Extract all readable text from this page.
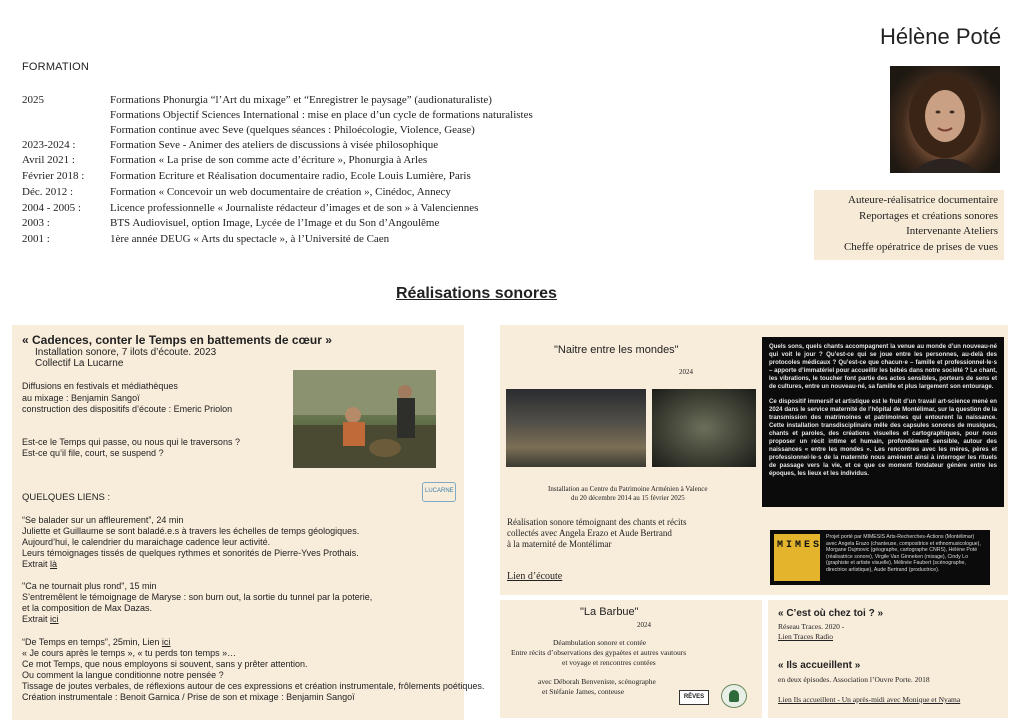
Hélène Poté
FORMATION
2025	Formations Phonurgia “l’Art du mixage” et “Enregistrer le paysage” (audionaturaliste)
Formations Objectif Sciences International : mise en place d’un cycle de formations naturalistes
Formation continue avec Seve (quelques séances : Philoécologie, Violence, Gease)
2023-2024 :	Formation Seve - Animer des ateliers de discussions à visée philosophique
Avril 2021 :	Formation « La prise de son comme acte d’écriture », Phonurgia à Arles
Février 2018 :	Formation Ecriture et Réalisation documentaire radio, Ecole Louis Lumière, Paris
Déc. 2012 :	Formation « Concevoir un web documentaire de création », Cinédoc, Annecy
2004 - 2005 :	Licence professionnelle « Journaliste rédacteur d’images et de son » à Valenciennes
2003 :	BTS Audiovisuel, option Image, Lycée de l’Image et du Son d’Angoulême
2001 :	1ère année DEUG « Arts du spectacle », à l’Université de Caen
Auteure-réalisatrice documentaire
Reportages et créations sonores
Intervenante Ateliers
Cheffe opératrice de prises de vues
Réalisations sonores
« Cadences, conter le Temps en battements de cœur »
Installation sonore, 7 ilots d’écoute. 2023
Collectif La Lucarne
Diffusions en festivals et médiathèques
au mixage : Benjamin Sangoï
construction des dispositifs d’écoute : Emeric Priolon
Est-ce le Temps qui passe, ou nous qui le traversons ?
Est-ce qu’il file, court, se suspend ?
LUCARNE
QUELQUES LIENS :
“Se balader sur un affleurement”, 24 min
Juliette et Guillaume se sont baladé.e.s à travers les échelles de temps géologiques.
Aujourd’hui, le calendrier du maraichage cadence leur activité.
Leurs témoignages tissés de quelques rythmes et sonorités de Pierre-Yves Prothais.
Extrait là
"Ca ne tournait plus rond", 15 min
S’entremêlent le témoignage de Maryse : son burn out, la sortie du tunnel par la poterie,
et la composition de Max Dazas.
Extrait ici
“De Temps en temps”, 25min, Lien ici
« Je cours après le temps », « tu perds ton temps »…
Ce mot Temps, que nous employons si souvent, sans y prêter attention.
Ou comment la langue conditionne notre pensée ?
Tissage de joutes verbales, de réflexions autour de ces expressions et création instrumentale, frôlements poétiques.
Création instrumentale : Benoit Garnica / Prise de son et mixage : Benjamin Sangoï
"Naitre entre les mondes"
2024
Installation au Centre du Patrimoine Arménien à Valence
du 20 décembre 2014 au 15 février 2025
Réalisation sonore témoignant des chants et récits
collectés avec Angela Erazo et Aude Bertrand
à la maternité de Montélimar
Lien d’écoute

Quels sons, quels chants accompagnent la venue au monde d’un nouveau-né qui voit le jour ? Qu’est-ce qui se joue entre les personnes, au-delà des protocoles médicaux ? Qu’est-ce que chacun·e – famille et professionnel·le·s – apporte d’immatériel pour accueillir les bébés dans notre société ? Le chant, les vibrations, le toucher font partie des actes sensibles, porteurs de sens et de cultures, entre un nouveau-né, sa famille et plus largement son entourage.

Ce dispositif immersif et artistique est le fruit d’un travail art-science mené en 2024 dans le service maternité de l’hôpital de Montélimar, sur la question de la transmission des matrimoines et patrimoines qui entourent la naissance. Cette installation transdisciplinaire mêle des capsules sonores de musiques, chants et paroles, des créations visuelles et cartographiques, pour nous proposer un récit intime et humain, profondément sensible, autour des naissances « entre les mondes ». Les rencontres avec les mères, pères et professionnel·le·s de la maternité nous amènent ainsi à interroger les rituels de passage vers la vie, et ce que ce moment fondateur génère entre les époques, les lieux et les individus.

MIMESIS
Projet porté par MIMESIS Arts-Recherches-Actions (Montélimar) avec Angela Erazo (chanteuse, compositrice et ethnomusicologue), Morgane Dujmovic (géographe, cartographe CNRS), Hélène Poté (réalisatrice sonore), Virgile Van Ginneken (mixage), Cindy Lo (graphiste et artiste visuelle), Mélinée Faubert (scénographe, directrice artistique), Aude Bertrand (productrice).
"La Barbue"
2024
Déambulation sonore et contée
Entre récits d’observations des gypaètes et autres vautours
et voyage et rencontres contées
avec Déborah Benveniste, scénographe
et Stéfanie James, conteuse
RÊVES
« C’est où chez toi ? »
Réseau Traces. 2020 -
Lien Traces Radio
« Ils accueillent »
en deux épisodes. Association l’Ouvre Porte. 2018
Lien Ils accueillent - Un après-midi avec Monique et Nyama
